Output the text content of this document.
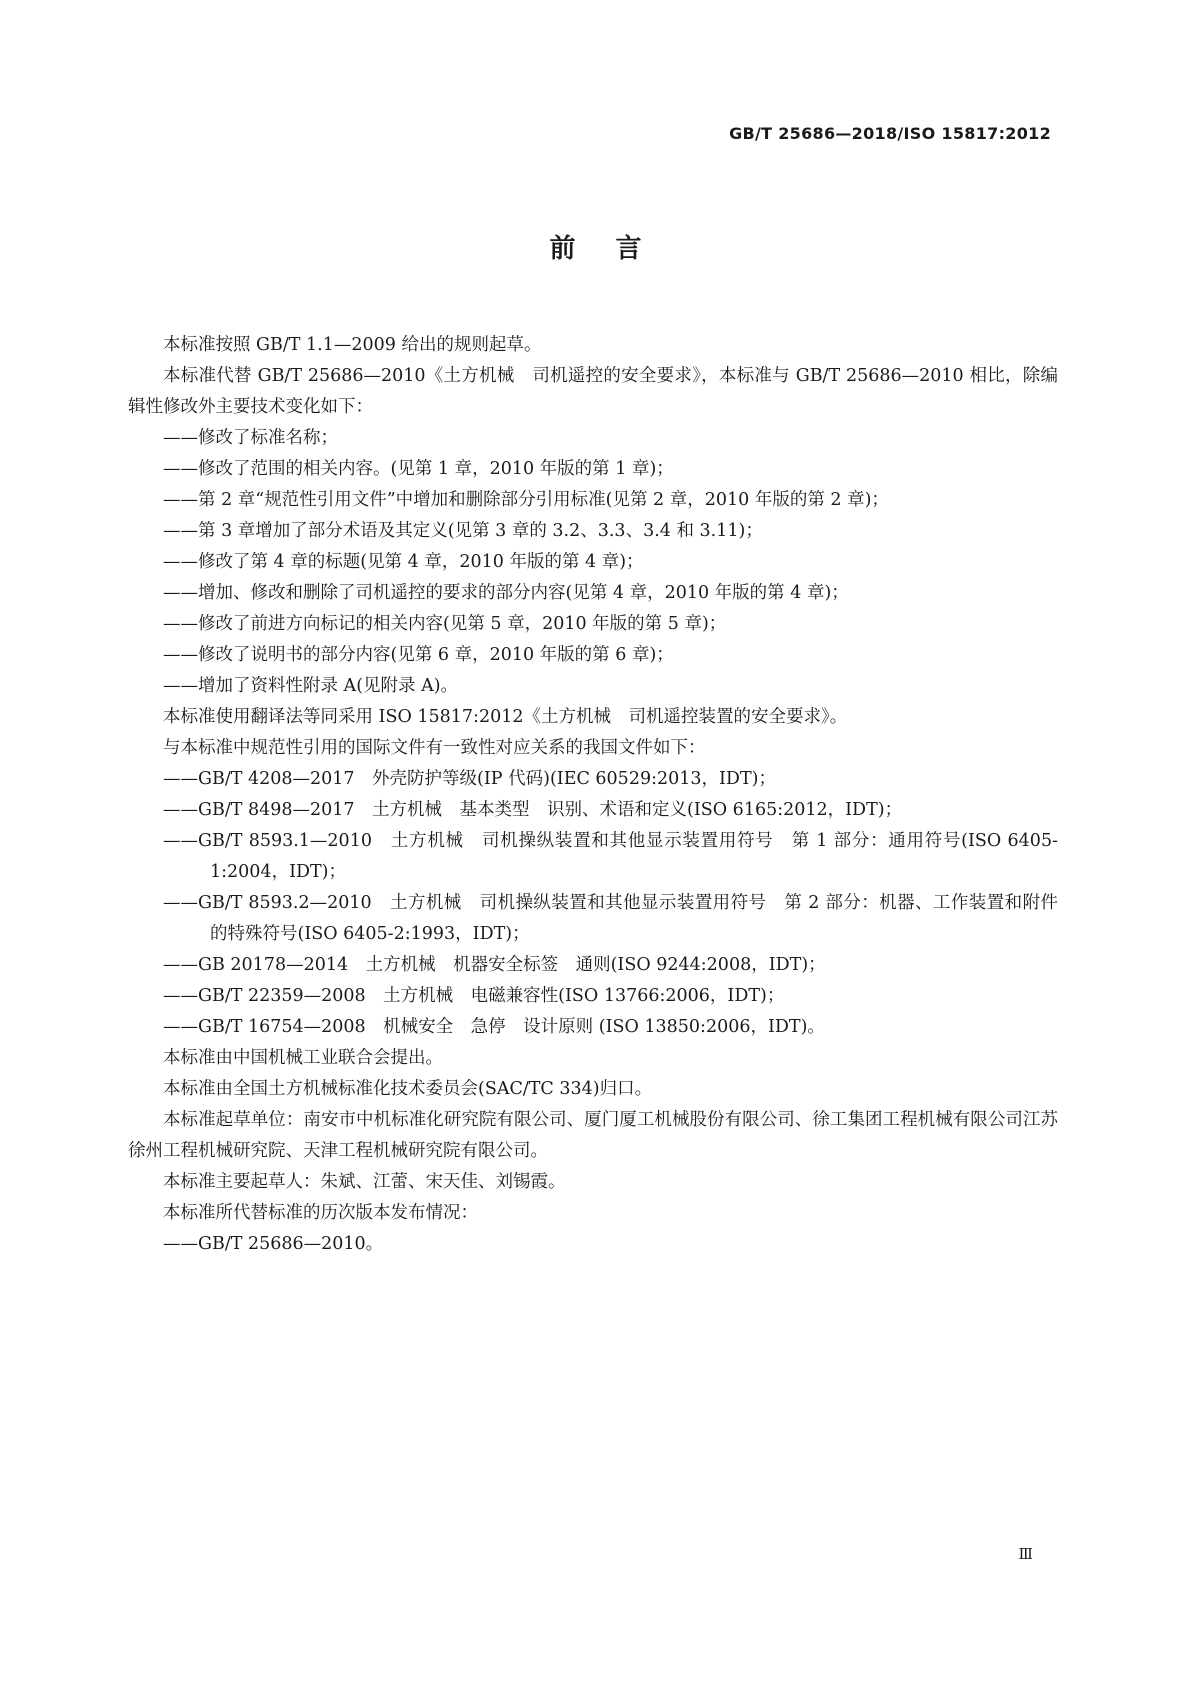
GB/T 25686—2018/ISO 15817:2012
前言

本标准按照 GB/T 1.1—2009 给出的规则起草。

本标准代替 GB/T 25686—2010《土方机械　司机遥控的安全要求》，本标准与 GB/T 25686—2010 相比，除编辑性修改外主要技术变化如下：

——修改了标准名称；

——修改了范围的相关内容。(见第 1 章，2010 年版的第 1 章)；

——第 2 章“规范性引用文件”中增加和删除部分引用标准(见第 2 章，2010 年版的第 2 章)；

——第 3 章增加了部分术语及其定义(见第 3 章的 3.2、3.3、3.4 和 3.11)；

——修改了第 4 章的标题(见第 4 章，2010 年版的第 4 章)；

——增加、修改和删除了司机遥控的要求的部分内容(见第 4 章，2010 年版的第 4 章)；

——修改了前进方向标记的相关内容(见第 5 章，2010 年版的第 5 章)；

——修改了说明书的部分内容(见第 6 章，2010 年版的第 6 章)；

——增加了资料性附录 A(见附录 A)。

本标准使用翻译法等同采用 ISO 15817:2012《土方机械　司机遥控装置的安全要求》。

与本标准中规范性引用的国际文件有一致性对应关系的我国文件如下：

——GB/T 4208—2017　外壳防护等级(IP 代码)(IEC 60529:2013，IDT)；

——GB/T 8498—2017　土方机械　基本类型　识别、术语和定义(ISO 6165:2012，IDT)；

——GB/T 8593.1—2010　土方机械　司机操纵装置和其他显示装置用符号　第 1 部分：通用符号(ISO 6405-1:2004，IDT)；

——GB/T 8593.2—2010　土方机械　司机操纵装置和其他显示装置用符号　第 2 部分：机器、工作装置和附件的特殊符号(ISO 6405-2:1993，IDT)；

——GB 20178—2014　土方机械　机器安全标签　通则(ISO 9244:2008，IDT)；

——GB/T 22359—2008　土方机械　电磁兼容性(ISO 13766:2006，IDT)；

——GB/T 16754—2008　机械安全　急停　设计原则 (ISO 13850:2006，IDT)。

本标准由中国机械工业联合会提出。

本标准由全国土方机械标准化技术委员会(SAC/TC 334)归口。

本标准起草单位：南安市中机标准化研究院有限公司、厦门厦工机械股份有限公司、徐工集团工程机械有限公司江苏徐州工程机械研究院、天津工程机械研究院有限公司。

本标准主要起草人：朱斌、江蕾、宋天佳、刘锡霞。

本标准所代替标准的历次版本发布情况：

——GB/T 25686—2010。

Ⅲ
